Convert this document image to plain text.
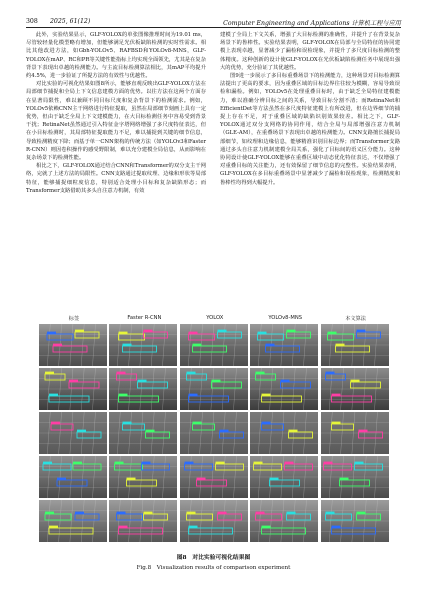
308 2025, 61(12)	Computer Engineering and Applications 计算机工程与应用

此外，实验结果显示，GLF-YOLOX的单张图像推理时间为19.01 ms，尽管较轻量化模型略有增加，但能够满足光伏板缺陷检测的实时性需求。相比其他改进方法，如Gbh-YOLOv5、RAFBSD和YOLOv8-MNS，GLF-YOLOX在mAP、RC和PR等关键性能指标上均实现全面领先，尤其是在复杂背景下表现出卓越的检测能力。与主流目标检测算法相比，其mAP平均提升约4.5%，进一步验证了所提方法的有效性与优越性。

对比实验的可视化结果如图8所示，能够直观反映出GLF-YOLOX方法在局部细节捕捉和全局上下文信息建模方面的优势。以往方法在这两个方面存在显著局限性，难以兼顾不同目标尺度和复杂背景下的检测需求。例如，YOLOv5依赖CNN主干网络进行特征提取，虽然在局部细节刻画上具有一定优势，但由于缺乏全局上下文建模能力，在大目标检测任务中容易受到背景干扰；RetinaNet虽然通过引入特征金字塔网络增强了多尺度特征表达，但在小目标检测时，其局部特征提取能力不足，难以捕捉到关键的细节信息，导致检测精度下降；而基于单一CNN架构的传统方法（如YOLOv3和Faster R-CNN）则因卷积操作的感受野限制，难以充分建模全局信息，从而影响在复杂场景下的检测性能。

相比之下，GLF-YOLOX通过结合CNN和Transformer的双分支主干网络，完就了上述方法的局限性。CNN支路通过提取纹理、边缘和形状等局部特征，能够捕捉细粒度信息，特别适合处理小目标和复杂缺陷形态；而Transformer支路借助其多头自注意力机制，有效

建模了全局上下文关系，增强了大目标检测的准确性，并提升了在背景复杂场景下的鲁棒性。实验结果表明，GLF-YOLOX在局部与全局特征的协同建模上表现卓越，显著减少了漏检和误检现象，并提升了多尺度目标检测的整体精度。这种创新的设计使GLF-YOLOX在光伏板缺陷检测任务中展现出强大的优势，充分验证了其优越性。

图9进一步展示了多目标重叠场景下的检测能力，这种场景对目标检测算法提出了更高的要求，因为重叠区域的目标边界往往较为模糊，容易导致误检和漏检。例如，YOLOv5在处理重叠目标时，由于缺乏全局特征建模能力，难以准确分辨目标之间的关系，导致目标分割不清；而RetinaNet和EfficientDet等方法虽然在多尺度特征建模上有所改进，但在边界细节的捕捉上存在不足，对于重叠区域的缺陷识别效果较差。相比之下，GLF-YOLOX通过双分支网络的协同作用，结合全局与局部增强注意力机制（GLE-AM），在重叠场景下表现出卓越的检测能力。CNN支路擅长捕捉局部细节，如纹理和边缘信息，能够精准识别目标边界；而Transformer支路通过多头自注意力机制建模全局关系，强化了目标间的语义区分能力。这种协同设计使GLF-YOLOX能够在重叠区域中动态优化特征表达，不仅增强了对重叠目标的关注能力，还有效保留了细节信息的完整性。实验结果表明，GLF-YOLOX在多目标重叠场景中显著减少了漏检和误检现象，检测精度和鲁棒性均得到大幅提升。

标签	Faster R-CNN	YOLOX	YOLOv8-MNS	本文算法
图8　对比实验可视化结果图
Fig.8　Visualization results of comparison experiment
